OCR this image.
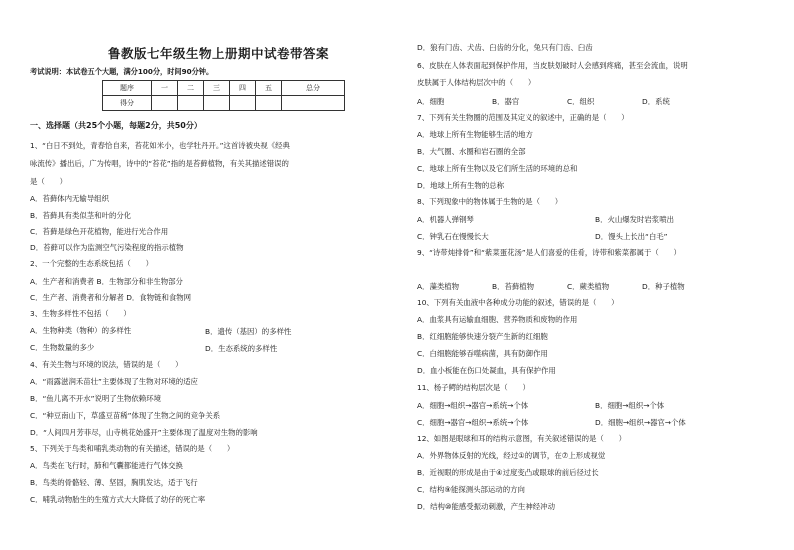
鲁教版七年级生物上册期中试卷带答案
考试说明：本试卷五个大题，满分100分，时间90分钟。
题序	一	二	三	四	五	总分
得分						
一、选择题（共25个小题，每题2分，共50分）
1、“白日不到处，青春恰自来，苔花如米小，也学牡丹开。”这首诗被央视《经典
咏流传》播出后，广为传唱，诗中的“苔花”指的是苔藓植物，有关其描述错误的
是（　　）
A．苔藓体内无输导组织
B．苔藓具有类似茎和叶的分化
C．苔藓是绿色开花植物，能进行光合作用
D．苔藓可以作为监测空气污染程度的指示植物
2、一个完整的生态系统包括（　　）
A．生产者和消费者 B．生物部分和非生物部分
C．生产者、消费者和分解者 D．食物链和食物网
3、生物多样性不包括（　　）
A．生物种类（物种）的多样性	B．遗传（基因）的多样性
C．生物数量的多少	D．生态系统的多样性
4、有关生物与环境的说法，错误的是（　　）
A．“雨露滋润禾苗壮”主要体现了生物对环境的适应
B．“鱼儿离不开水”说明了生物依赖环境
C．“种豆南山下，草盛豆苗稀”体现了生物之间的竞争关系
D．“人间四月芳菲尽，山寺桃花始盛开”主要体现了温度对生物的影响
5、下列关于鸟类和哺乳类动物的有关描述，错误的是（　　）
A．鸟类在飞行时，肺和气囊都能进行气体交换
B．鸟类的骨骼轻、薄、坚固，胸肌发达，适于飞行
C．哺乳动物胎生的生殖方式大大降低了幼仔的死亡率
D．狼有门齿、犬齿、臼齿的分化，兔只有门齿、臼齿
6、皮肤在人体表面起到保护作用，当皮肤划破时人会感到疼痛，甚至会流血，说明
皮肤属于人体结构层次中的（　　）
A．细胞	B．器官	C．组织	D．系统
7、下列有关生物圈的范围及其定义的叙述中，正确的是（　　）
A．地球上所有生物能够生活的地方
B．大气圈、水圈和岩石圈的全部
C．地球上所有生物以及它们所生活的环境的总和
D．地球上所有生物的总称
8、下列现象中的物体属于生物的是（　　）
A．机器人弹钢琴	B．火山爆发时岩浆喷出
C．钟乳石在慢慢长大	D．馒头上长出“白毛”
9、“诗带炖排骨”和“紫菜蛋花汤”是人们喜爱的佳肴，诗带和紫菜都属于（　　）
A．藻类植物	B．苔藓植物	C．蕨类植物	D．种子植物
10、下列有关血液中各种成分功能的叙述，错误的是（　　）
A．血浆具有运输血细胞、营养物质和废物的作用
B．红细胞能够快速分裂产生新的红细胞
C．白细胞能够吞噬病菌，具有防御作用
D．血小板能在伤口处凝血，具有保护作用
11、杨子鳄的结构层次是（　　）
A．细胞→组织→器官→系统→个体	B．细胞→组织→个体
C．细胞→器官→组织→系统→个体	D．细胞→组织→器官→个体
12、如图是眼球和耳的结构示意图，有关叙述错误的是（　　）
A．外界物体反射的光线，经过①的调节，在⑦上形成视觉
B．近视眼的形成是由于④过度变凸或眼球的前后径过长
C．结构⑨能探测头部运动的方向
D．结构⑩能感受振动刺激，产生神经冲动
